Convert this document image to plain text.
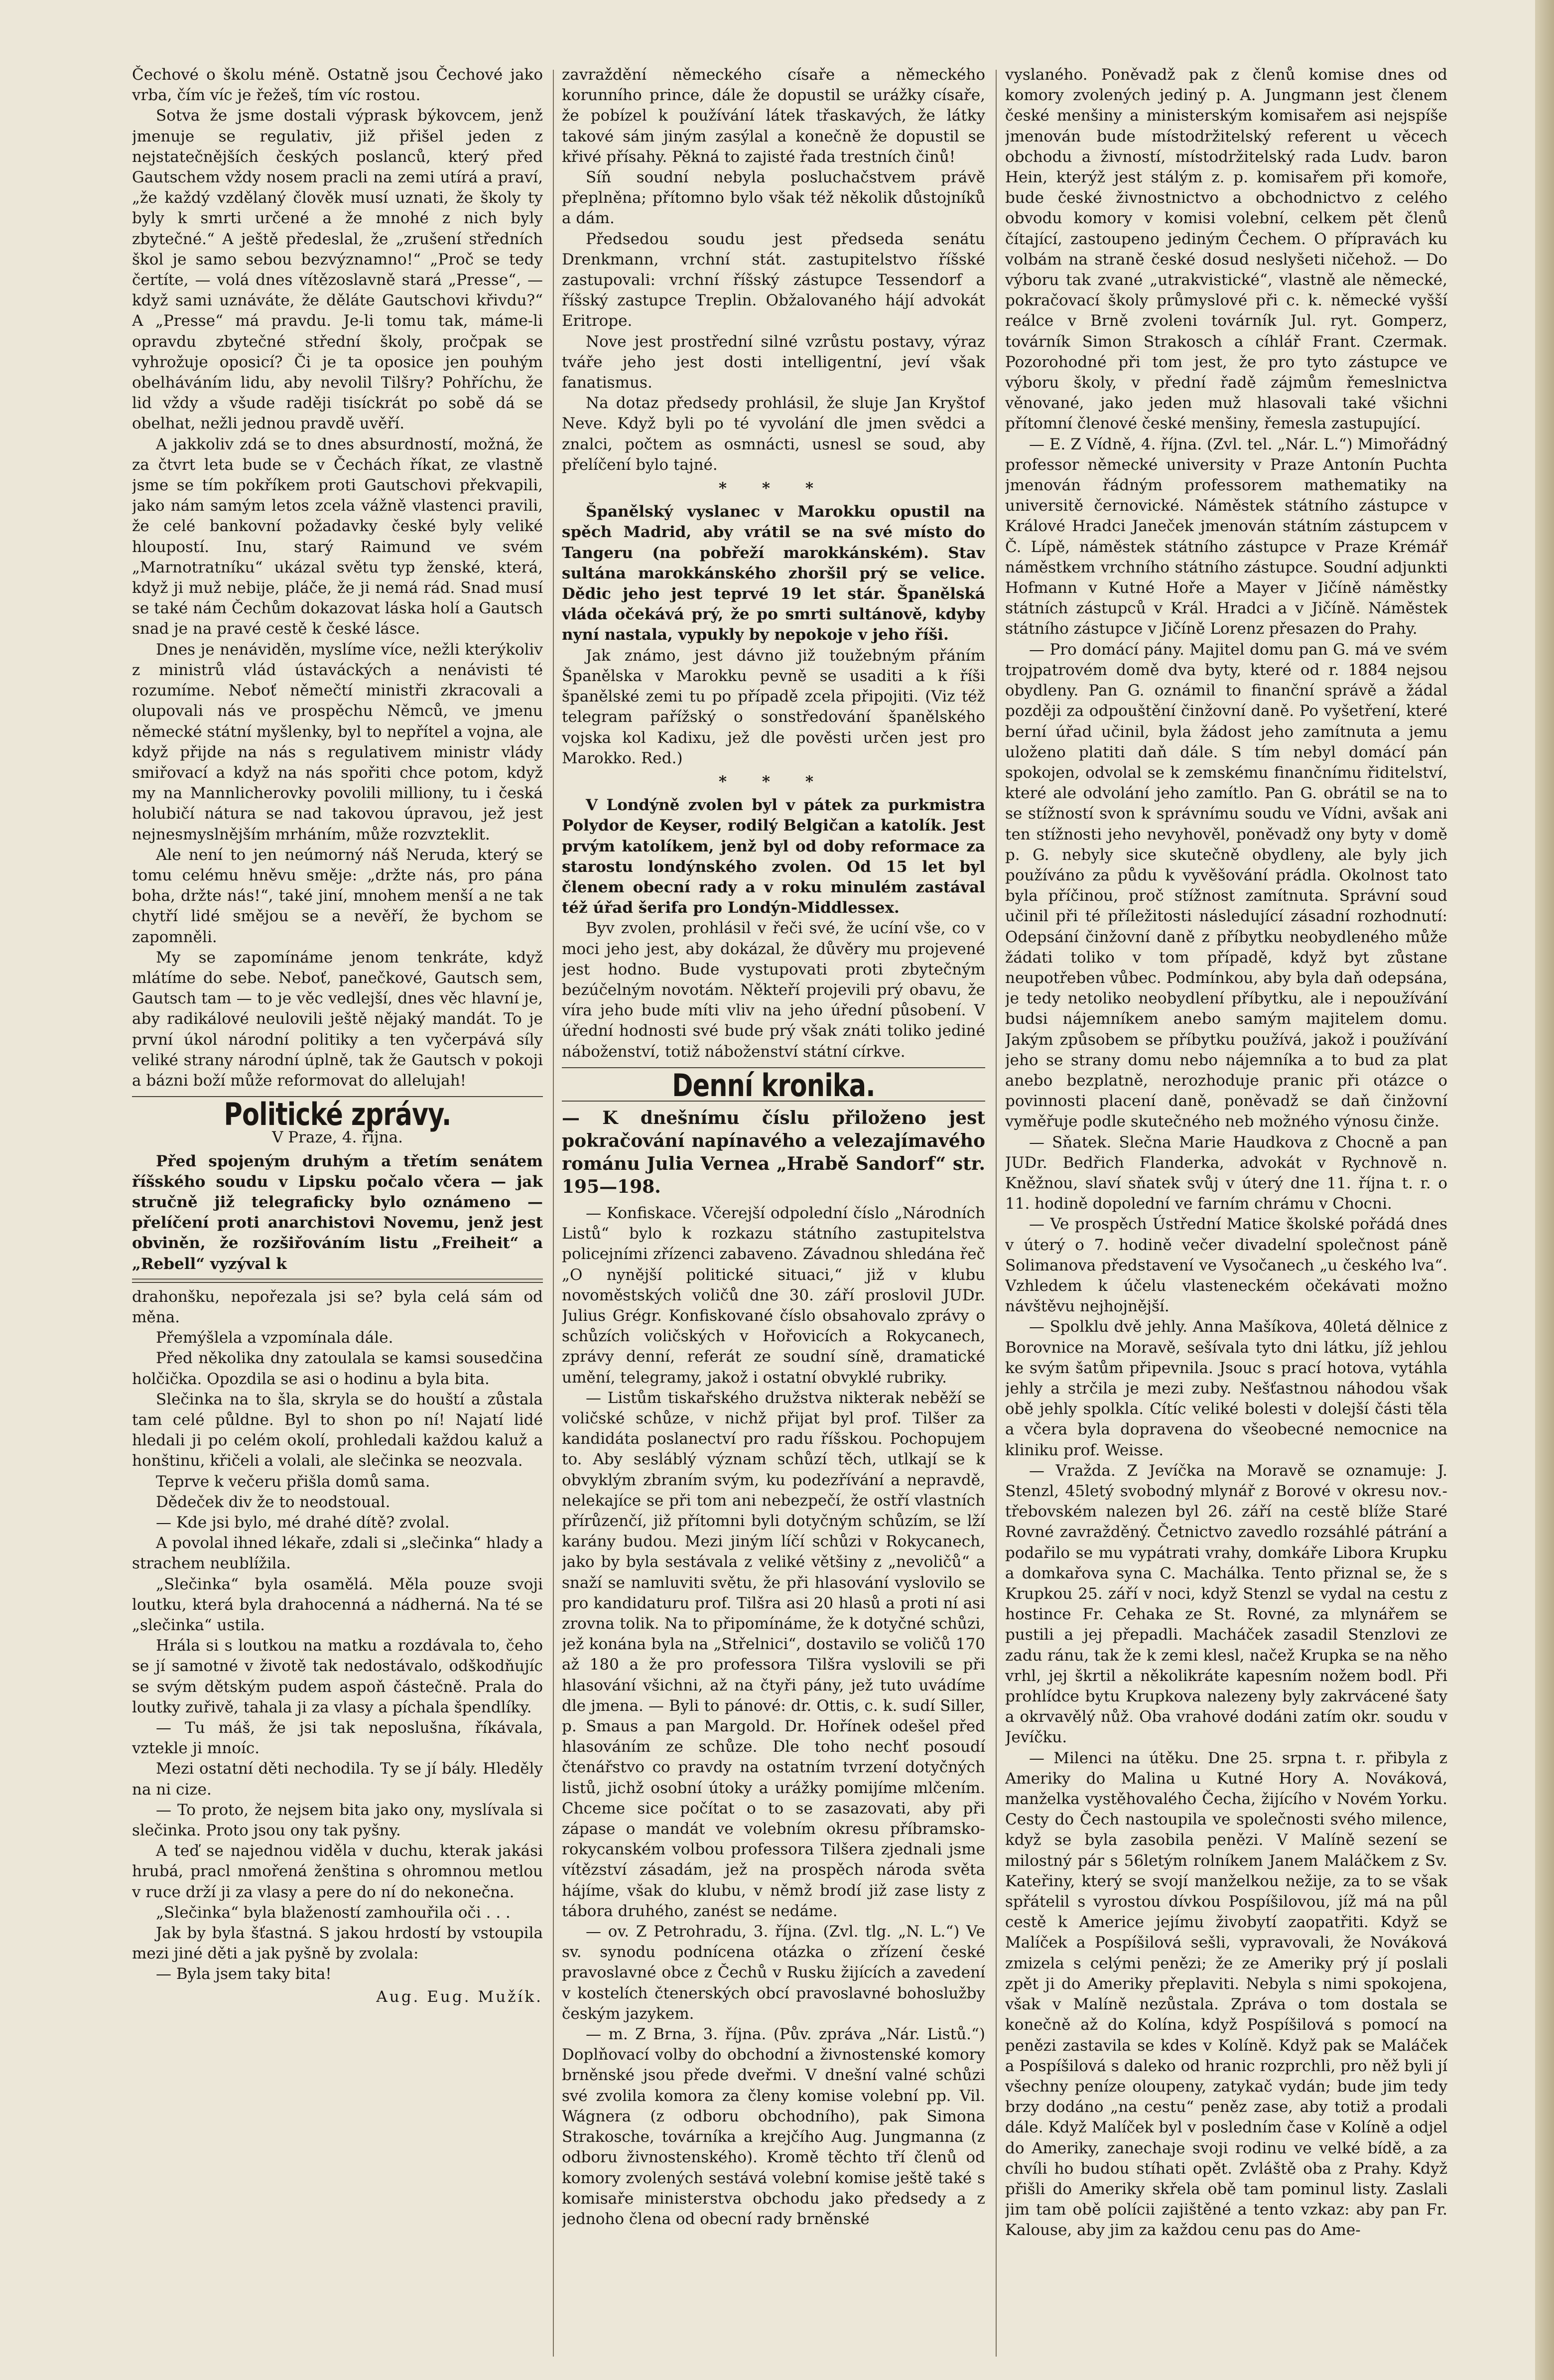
Čechové o školu méně. Ostatně jsou Čechové jako vrba, čím víc je řežeš, tím víc rostou.

Sotva že jsme dostali výprask býkovcem, jenž jmenuje se regulativ, již přišel jeden z nejstatečnějších českých poslanců, který před Gautschem vždy nosem pracli na zemi utírá a praví, „že každý vzdělaný člověk musí uznati, že školy ty byly k smrti určené a že mnohé z nich byly zbytečné.“ A ještě předeslal, že „zrušení středních škol je samo sebou bezvýznamno!“ „Proč se tedy čertíte, — volá dnes vítězoslavně stará „Presse“, — když sami uznáváte, že děláte Gautschovi křivdu?“ A „Presse“ má pravdu. Je-li tomu tak, máme-li opravdu zbytečné střední školy, pročpak se vyhrožuje oposicí? Či je ta oposice jen pouhým obelháváním lidu, aby nevolil Tilšry? Pohříchu, že lid vždy a všude raději tisíckrát po sobě dá se obelhat, nežli jednou pravdě uvěří.

A jakkoliv zdá se to dnes absurdností, možná, že za čtvrt leta bude se v Čechách říkat, ze vlastně jsme se tím pokříkem proti Gautschovi překvapili, jako nám samým letos zcela vážně vlastenci pravili, že celé bankovní požadavky české byly veliké hloupostí. Inu, starý Raimund ve svém „Marnotratníku“ ukázal světu typ ženské, která, když ji muž nebije, pláče, že ji nemá rád. Snad musí se také nám Čechům dokazovat láska holí a Gautsch snad je na pravé cestě k české lásce.

Dnes je nenáviděn, myslíme více, nežli kterýkoliv z ministrů vlád ústaváckých a nenávisti té rozumíme. Neboť němečtí ministři zkracovali a olupovali nás ve prospěchu Němců, ve jmenu německé státní myšlenky, byl to nepřítel a vojna, ale když přijde na nás s regulativem ministr vlády smiřovací a když na nás spořiti chce potom, když my na Mannlicherovky povolili milliony, tu i česká holubičí nátura se nad takovou úpravou, jež jest nejnesmyslnějším mrháním, může rozvzteklit.

Ale není to jen neúmorný náš Neruda, který se tomu celému hněvu směje: „držte nás, pro pána boha, držte nás!“, také jiní, mnohem menší a ne tak chytří lidé smějou se a nevěří, že bychom se zapomněli.

My se zapomínáme jenom tenkráte, když mlátíme do sebe. Neboť, panečkové, Gautsch sem, Gautsch tam — to je věc vedlejší, dnes věc hlavní je, aby radikálové neulovili ještě nějaký mandát. To je první úkol národní politiky a ten vyčerpává síly veliké strany národní úplně, tak že Gautsch v pokoji a bázni boží může reformovat do allelujah!

Politické zprávy.
V Praze, 4. října.

Před spojeným druhým a třetím senátem říšského soudu v Lipsku počalo včera — jak stručně již telegraficky bylo oznámeno — přelíčení proti anarchistovi Novemu, jenž jest obviněn, že rozšiřováním listu „Freiheit“ a „Rebell“ vyzýval k

drahonšku, nepořezala jsi se? byla celá sám od měna.

Přemýšlela a vzpomínala dále.

Před několika dny zatoulala se kamsi sousedčina holčička. Opozdila se asi o hodinu a byla bita.

Slečinka na to šla, skryla se do houští a zůstala tam celé půldne. Byl to shon po ní! Najatí lidé hledali ji po celém okolí, prohledali každou kaluž a honštinu, křičeli a volali, ale slečinka se neozvala.

Teprve k večeru přišla domů sama.

Dědeček div že to neodstoual.

— Kde jsi bylo, mé drahé dítě? zvolal.

A povolal ihned lékaře, zdali si „slečinka“ hlady a strachem neublížila.

„Slečinka“ byla osamělá. Měla pouze svoji loutku, která byla drahocenná a nádherná. Na té se „slečinka“ ustila.

Hrála si s loutkou na matku a rozdávala to, čeho se jí samotné v životě tak nedostávalo, odškodňujíc se svým dětským pudem aspoň částečně. Prala do loutky zuřivě, tahala ji za vlasy a píchala špendlíky.

— Tu máš, že jsi tak neposlušna, říkávala, vztekle ji mnoíc.

Mezi ostatní děti nechodila. Ty se jí bály. Hleděly na ni cize.

— To proto, že nejsem bita jako ony, myslívala si slečinka. Proto jsou ony tak pyšny.

A teď se najednou viděla v duchu, kterak jakási hrubá, pracl nmořená ženština s ohromnou metlou v ruce drží ji za vlasy a pere do ní do nekonečna.

„Slečinka“ byla blažeností zamhouřila oči . . .

Jak by byla šťastná. S jakou hrdostí by vstoupila mezi jiné děti a jak pyšně by zvolala:

— Byla jsem taky bita!

Aug. Eug. Mužík.

zavraždění německého císaře a německého korunního prince, dále že dopustil se urážky císaře, že pobízel k používání látek třaskavých, že látky takové sám jiným zasýlal a konečně že dopustil se křivé přísahy. Pěkná to zajisté řada trestních činů!

Síň soudní nebyla posluchačstvem právě přeplněna; přítomno bylo však též několik důstojníků a dám.

Předsedou soudu jest předseda senátu Drenkmann, vrchní stát. zastupitelstvo říšské zastupovali: vrchní říšský zástupce Tessendorf a říšský zastupce Treplin. Obžalovaného hájí advokát Eritrope.

Nove jest prostřední silné vzrůstu postavy, výraz tváře jeho jest dosti intelligentní, jeví však fanatismus.

Na dotaz předsedy prohlásil, že sluje Jan Kryštof Neve. Když byli po té vyvolání dle jmen svědci a znalci, počtem as osmnácti, usnesl se soud, aby přelíčení bylo tajné.

* * *

Španělský vyslanec v Marokku opustil na spěch Madrid, aby vrátil se na své místo do Tangeru (na pobřeží marokkánském). Stav sultána marokkánského zhoršil prý se velice. Dědic jeho jest teprvé 19 let stár. Španělská vláda očekává prý, že po smrti sultánově, kdyby nyní nastala, vypukly by nepokoje v jeho říši.

Jak známo, jest dávno již toužebným přáním Španělska v Marokku pevně se usaditi a k říši španělské zemi tu po případě zcela připojiti. (Viz též telegram pařížský o sonstředování španělského vojska kol Kadixu, jež dle pověsti určen jest pro Marokko. Red.)

* * *

V Londýně zvolen byl v pátek za purkmistra Polydor de Keyser, rodilý Belgičan a katolík. Jest prvým katolíkem, jenž byl od doby reformace za starostu londýnského zvolen. Od 15 let byl členem obecní rady a v roku minulém zastával též úřad šerifa pro Londýn-Middlessex.

Byv zvolen, prohlásil v řeči své, že ucíní vše, co v moci jeho jest, aby dokázal, že důvěry mu projevené jest hodno. Bude vystupovati proti zbytečným bezúčelným novotám. Někteří projevili prý obavu, že víra jeho bude míti vliv na jeho úřední působení. V úřední hodnosti své bude prý však znáti toliko jediné náboženství, totiž náboženství státní církve.

Denní kronika.

— K dnešnímu číslu přiloženo jest pokračování napínavého a velezajímavého románu Julia Vernea „Hrabě Sandorf“ str. 195—198.

— Konfiskace. Včerejší odpolední číslo „Národních Listů“ bylo k rozkazu státního zastupitelstva policejními zřízenci zabaveno. Závadnou shledána řeč „O nynější politické situaci,“ již v klubu novoměstských voličů dne 30. září proslovil JUDr. Julius Grégr. Konfiskované číslo obsahovalo zprávy o schůzích voličských v Hořovicích a Rokycanech, zprávy denní, referát ze soudní síně, dramatické umění, telegramy, jakož i ostatní obvyklé rubriky.

— Listům tiskařského družstva nikterak neběží se voličské schůze, v nichž přijat byl prof. Tilšer za kandidáta poslanectví pro radu říšskou. Pochopujem to. Aby sesláblý význam schůzí těch, utlkají se k obvyklým zbraním svým, ku podezřívání a nepravdě, nelekajíce se při tom ani nebezpečí, že ostří vlastních přírůzenčí, již přítomni byli dotyčným schůzím, se lží karány budou. Mezi jiným líčí schůzi v Rokycanech, jako by byla sestávala z veliké většiny z „nevoličů“ a snaží se namluviti světu, že při hlasování vyslovilo se pro kandidaturu prof. Tilšra asi 20 hlasů a proti ní asi zrovna tolik. Na to připomínáme, že k dotyčné schůzi, jež konána byla na „Střelnici“, dostavilo se voličů 170 až 180 a že pro professora Tilšra vyslovili se při hlasování všichni, až na čtyři pány, jež tuto uvádíme dle jmena. — Byli to pánové: dr. Ottis, c. k. sudí Siller, p. Smaus a pan Margold. Dr. Hořínek odešel před hlasováním ze schůze. Dle toho nechť posoudí čtenářstvo co pravdy na ostatním tvrzení dotyčných listů, jichž osobní útoky a urážky pomijíme mlčením. Chceme sice počítat o to se zasazovati, aby při zápase o mandát ve volebním okresu příbramsko-rokycanském volbou professora Tilšera zjednali jsme vítězství zásadám, jež na prospěch národa světa hájíme, však do klubu, v němž brodí již zase listy z tábora druhého, zanést se nedáme.

— ov. Z Petrohradu, 3. října. (Zvl. tlg. „N. L.“) Ve sv. synodu podnícena otázka o zřízení české pravoslavné obce z Čechů v Rusku žijících a zavedení v kostelích čtenerských obcí pravoslavné bohoslužby českým jazykem.

— m. Z Brna, 3. října. (Pův. zpráva „Nár. Listů.“) Doplňovací volby do obchodní a živnostenské komory brněnské jsou přede dveřmi. V dnešní valné schůzi své zvolila komora za členy komise volební pp. Vil. Wágnera (z odboru obchodního), pak Simona Strakosche, továrníka a krejčího Aug. Jungmanna (z odboru živnostenského). Kromě těchto tří členů od komory zvolených sestává volební komise ještě také s komisaře ministerstva obchodu jako předsedy a z jednoho člena od obecní rady brněnské

vyslaného. Poněvadž pak z členů komise dnes od komory zvolených jediný p. A. Jungmann jest členem české menšiny a ministerským komisařem asi nejspíše jmenován bude místodržitelský referent u věcech obchodu a živností, místodržitelský rada Ludv. baron Hein, kterýž jest stálým z. p. komisařem při komoře, bude české živnostnictvo a obchodnictvo z celého obvodu komory v komisi volební, celkem pět členů čítající, zastoupeno jediným Čechem. O přípravách ku volbám na straně české dosud neslyšeti ničehož. — Do výboru tak zvané „utrakvistické“, vlastně ale německé, pokračovací školy průmyslové při c. k. německé vyšší reálce v Brně zvoleni továrník Jul. ryt. Gomperz, továrník Simon Strakosch a cíhlář Frant. Czermak. Pozorohodné při tom jest, že pro tyto zástupce ve výboru školy, v přední řadě zájmům řemeslnictva věnované, jako jeden muž hlasovali také všichni přítomní členové české menšiny, řemesla zastupující.

— E. Z Vídně, 4. října. (Zvl. tel. „Nár. L.“) Mimořádný professor německé university v Praze Antonín Puchta jmenován řádným professorem mathematiky na universitě černovické. Náměstek státního zástupce v Králové Hradci Janeček jmenován státním zástupcem v Č. Lípě, náměstek státního zástupce v Praze Krémář náměstkem vrchního státního zástupce. Soudní adjunkti Hofmann v Kutné Hoře a Mayer v Jičíně náměstky státních zástupců v Král. Hradci a v Jičíně. Náměstek státního zástupce v Jičíně Lorenz přesazen do Prahy.

— Pro domácí pány. Majitel domu pan G. má ve svém trojpatrovém domě dva byty, které od r. 1884 nejsou obydleny. Pan G. oznámil to finanční správě a žádal později za odpouštění činžovní daně. Po vyšetření, které berní úřad učinil, byla žádost jeho zamítnuta a jemu uloženo platiti daň dále. S tím nebyl domácí pán spokojen, odvolal se k zemskému finančnímu řiditelství, které ale odvolání jeho zamítlo. Pan G. obrátil se na to se stížností svon k správnímu soudu ve Vídni, avšak ani ten stížnosti jeho nevyhověl, poněvadž ony byty v domě p. G. nebyly sice skutečně obydleny, ale byly jich používáno za půdu k vyvěšování prádla. Okolnost tato byla příčinou, proč stížnost zamítnuta. Správní soud učinil při té příležitosti následující zásadní rozhodnutí: Odepsání činžovní daně z příbytku neobydleného může žádati toliko v tom případě, když byt zůstane neupotřeben vůbec. Podmínkou, aby byla daň odepsána, je tedy netoliko neobydlení příbytku, ale i nepoužívání budsi nájemníkem anebo samým majitelem domu. Jakým způsobem se příbytku používá, jakož i používání jeho se strany domu nebo nájemníka a to bud za plat anebo bezplatně, nerozhoduje pranic při otázce o povinnosti placení daně, poněvadž se daň činžovní vyměřuje podle skutečného neb možného výnosu činže.

— Sňatek. Slečna Marie Haudkova z Chocně a pan JUDr. Bedřich Flanderka, advokát v Rychnově n. Kněžnou, slaví sňatek svůj v úterý dne 11. října t. r. o 11. hodině dopolední ve farním chrámu v Chocni.

— Ve prospěch Ústřední Matice školské pořádá dnes v úterý o 7. hodině večer divadelní společnost páně Solimanova představení ve Vysočanech „u českého lva“. Vzhledem k účelu vlasteneckém očekávati možno návštěvu nejhojnější.

— Spolklu dvě jehly. Anna Mašíkova, 40letá dělnice z Borovnice na Moravě, sešívala tyto dni látku, jíž jehlou ke svým šatům připevnila. Jsouc s prací hotova, vytáhla jehly a strčila je mezi zuby. Nešťastnou náhodou však obě jehly spolkla. Cítíc veliké bolesti v dolejší části těla a včera byla dopravena do všeobecné nemocnice na kliniku prof. Weisse.

— Vražda. Z Jevíčka na Moravě se oznamuje: J. Stenzl, 45letý svobodný mlynář z Borové v okresu nov.-třebovském nalezen byl 26. září na cestě blíže Staré Rovné zavražděný. Četnictvo zavedlo rozsáhlé pátrání a podařilo se mu vypátrati vrahy, domkáře Libora Krupku a domkařova syna C. Machálka. Tento přiznal se, že s Krupkou 25. září v noci, když Stenzl se vydal na cestu z hostince Fr. Cehaka ze St. Rovné, za mlynářem se pustili a jej přepadli. Macháček zasadil Stenzlovi ze zadu ránu, tak že k zemi klesl, načež Krupka se na něho vrhl, jej škrtil a několikráte kapesním nožem bodl. Při prohlídce bytu Krupkova nalezeny byly zakrvácené šaty a okrvavělý nůž. Oba vrahové dodáni zatím okr. soudu v Jevíčku.

— Milenci na útěku. Dne 25. srpna t. r. přibyla z Ameriky do Malina u Kutné Hory A. Nováková, manželka vystěhovalého Čecha, žijícího v Novém Yorku. Cesty do Čech nastoupila ve společnosti svého milence, když se byla zasobila penězi. V Malíně sezení se milostný pár s 56letým rolníkem Janem Maláčkem z Sv. Kateřiny, který se svojí manželkou nežije, za to se však spřátelil s vyrostou dívkou Pospíšilovou, jíž má na půl cestě k Americe jejímu živobytí zaopatřiti. Když se Malíček a Pospíšilová sešli, vypravovali, že Nováková zmizela s celými penězi; že ze Ameriky prý jí poslali zpět ji do Ameriky přeplaviti. Nebyla s nimi spokojena, však v Malíně nezůstala. Zpráva o tom dostala se konečně až do Kolína, když Pospíšilová s pomocí na penězi zastavila se kdes v Kolíně. Když pak se Maláček a Pospíšilová s daleko od hranic rozprchli, pro něž byli jí všechny peníze oloupeny, zatykač vydán; bude jim tedy brzy dodáno „na cestu“ peněz zase, aby totiž a prodali dále. Když Malíček byl v posledním čase v Kolíně a odjel do Ameriky, zanechaje svoji rodinu ve velké bídě, a za chvíli ho budou stíhati opět. Zvláště oba z Prahy. Když přišli do Ameriky skřela obě tam pominul listy. Zaslali jim tam obě polícii zajištěné a tento vzkaz: aby pan Fr. Kalouse, aby jim za každou cenu pas do Ame-
